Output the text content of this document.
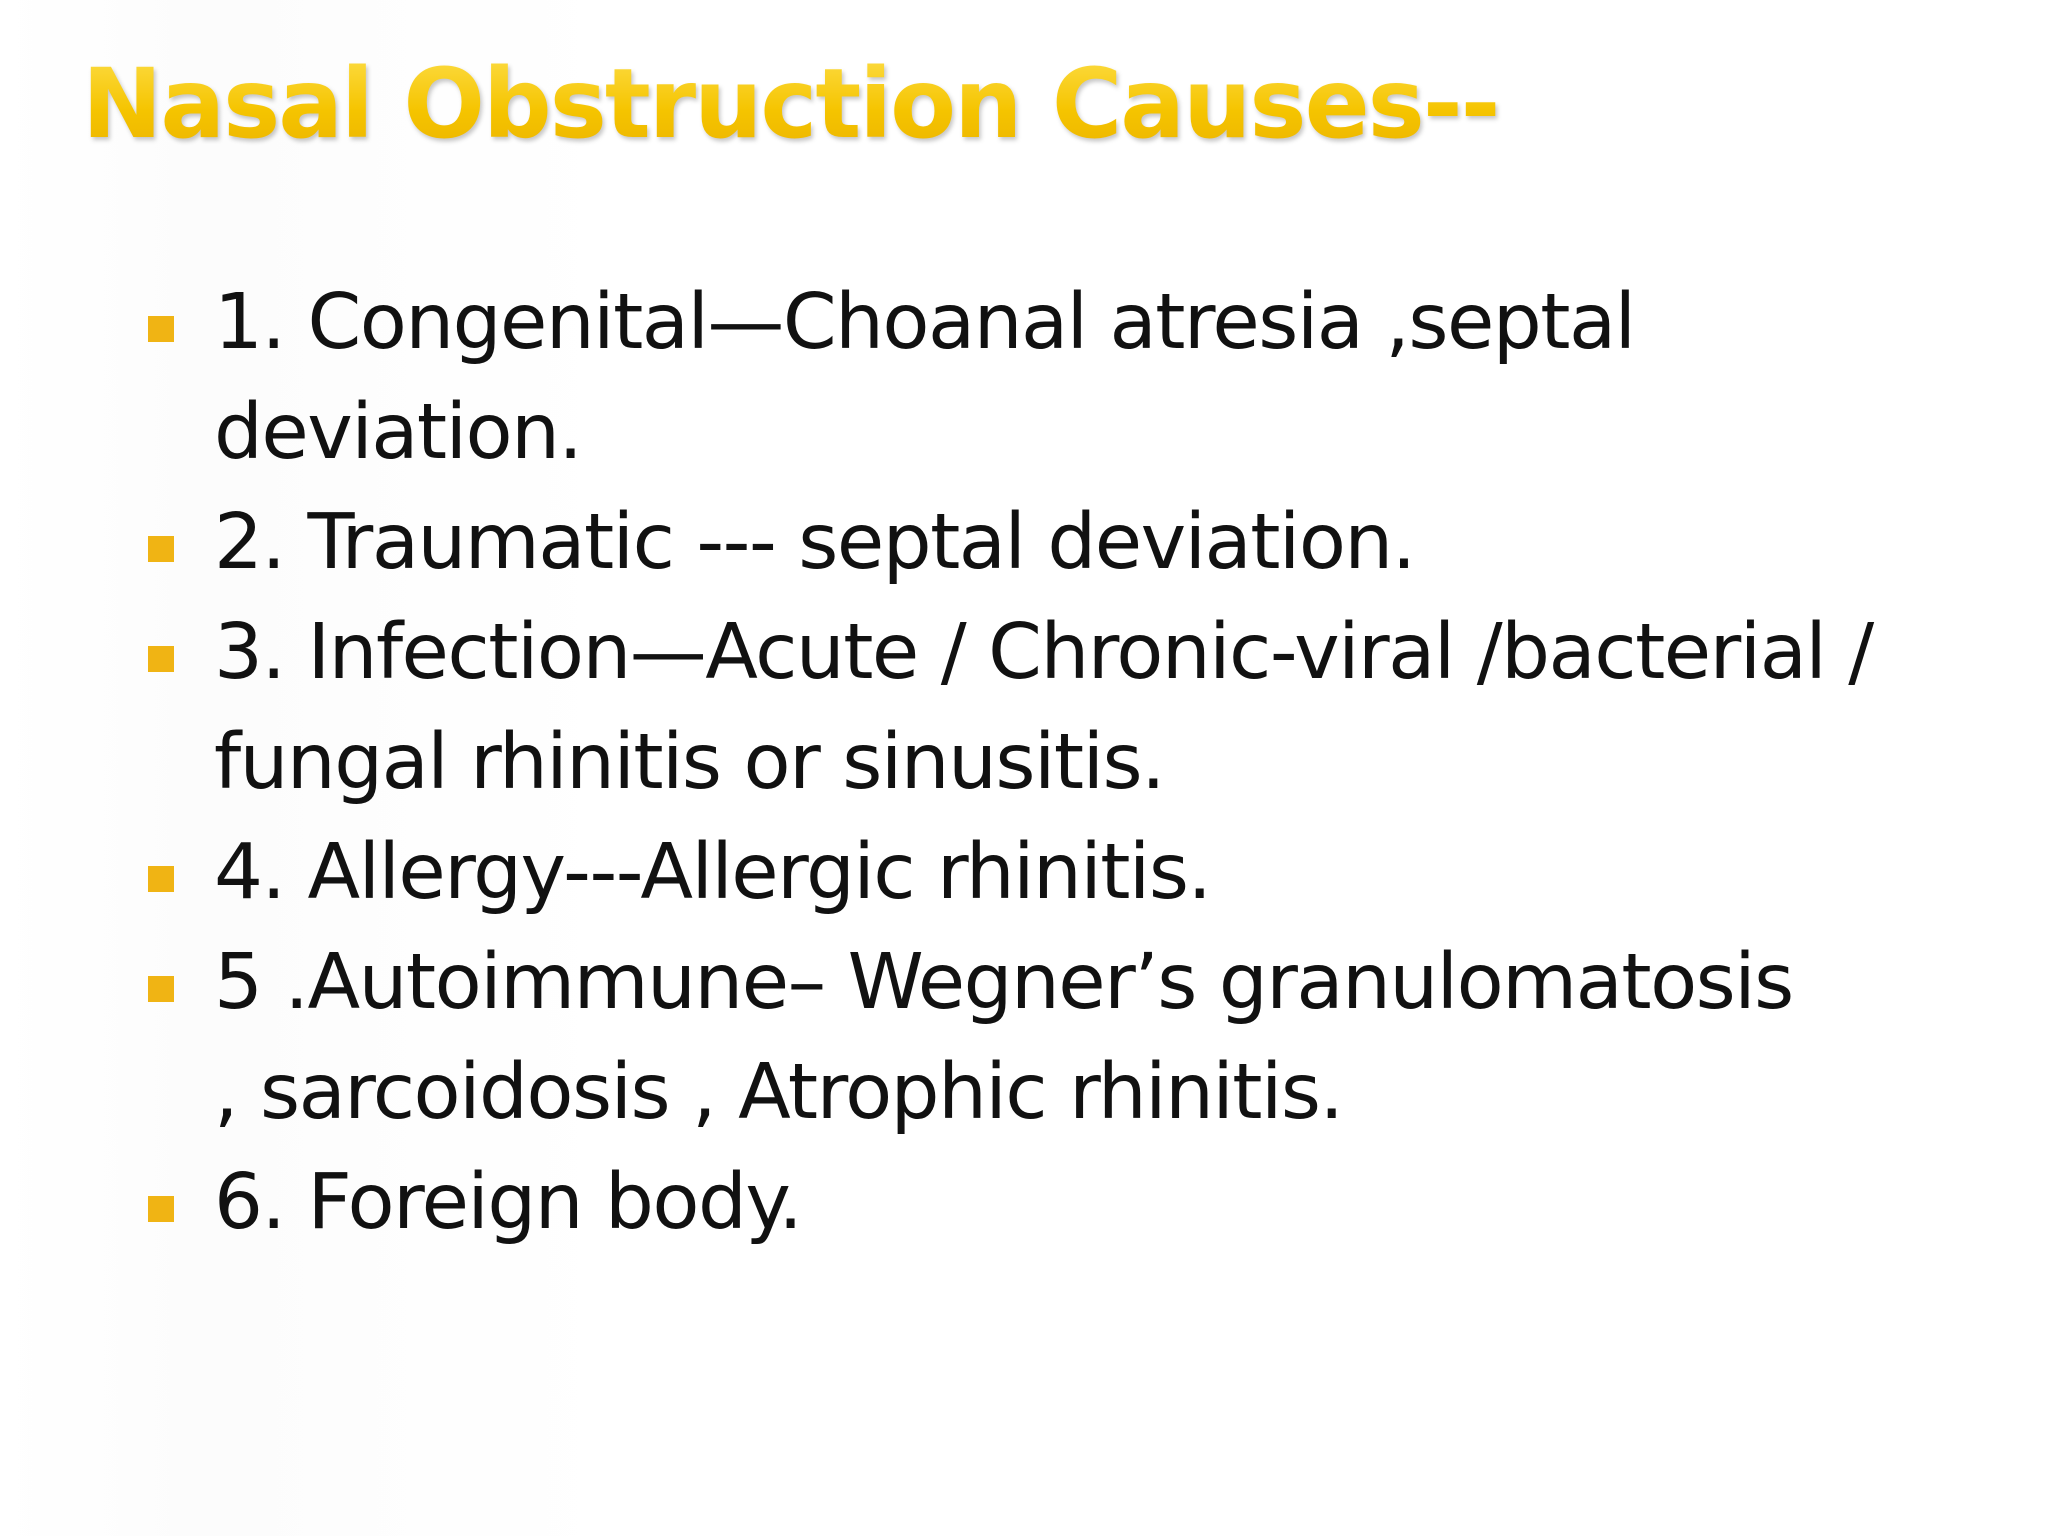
Nasal Obstruction Causes--
1. Congenital—Choanal atresia ,septal
deviation.
2. Traumatic --- septal deviation.
3. Infection—Acute / Chronic-viral /bacterial /
fungal rhinitis or sinusitis.
4. Allergy---Allergic rhinitis.
5 .Autoimmune– Wegner’s granulomatosis
, sarcoidosis , Atrophic rhinitis.
6. Foreign body.
